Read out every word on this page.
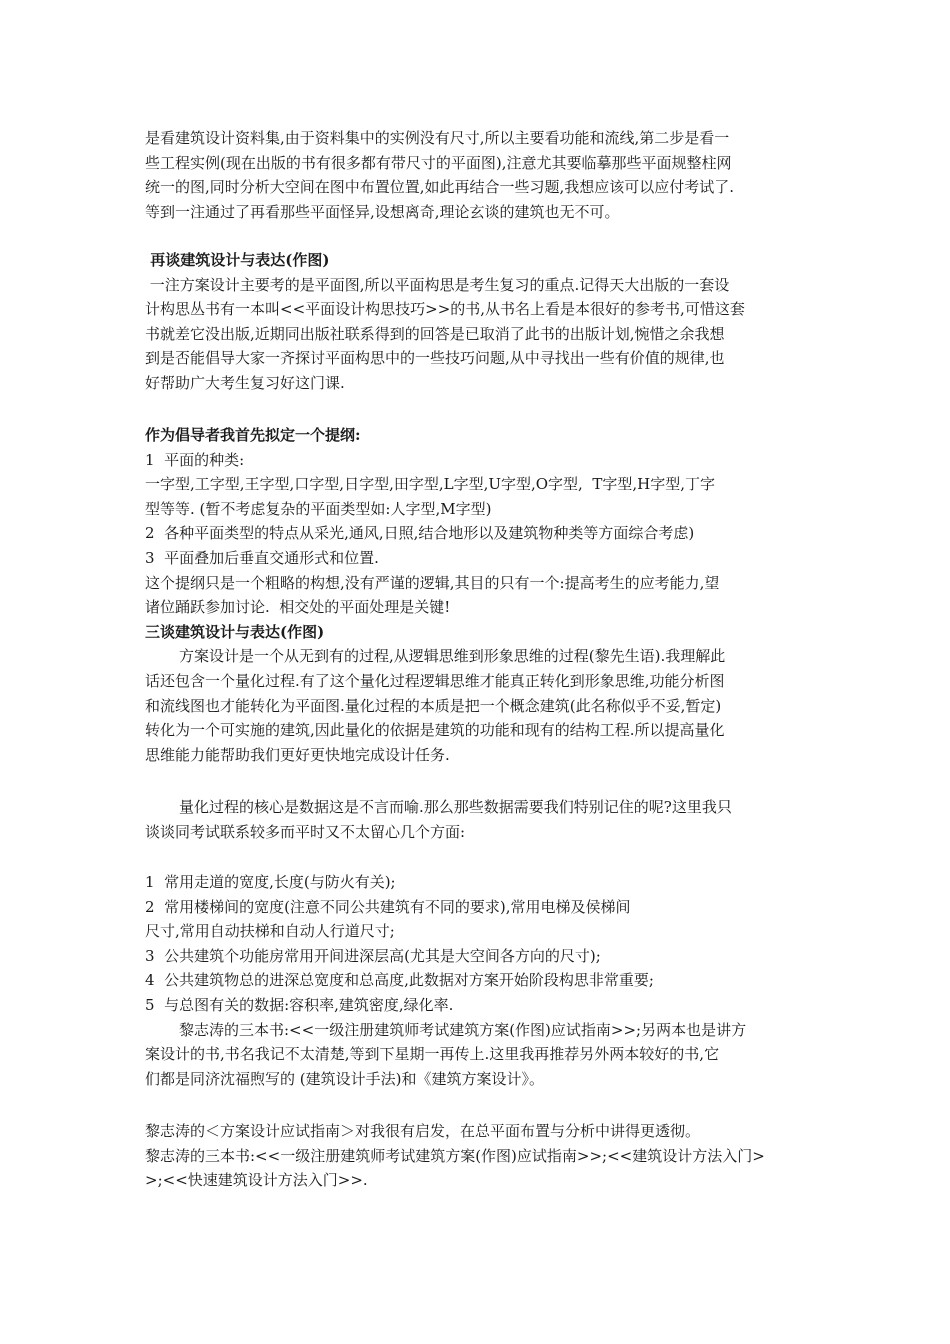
是看建筑设计资料集,由于资料集中的实例没有尺寸,所以主要看功能和流线,第二步是看一
些工程实例(现在出版的书有很多都有带尺寸的平面图),注意尤其要临摹那些平面规整柱网
统一的图,同时分析大空间在图中布置位置,如此再结合一些习题,我想应该可以应付考试了.
等到一注通过了再看那些平面怪异,设想离奇,理论玄谈的建筑也无不可。
再谈建筑设计与表达(作图)
一注方案设计主要考的是平面图,所以平面构思是考生复习的重点.记得天大出版的一套设
计构思丛书有一本叫<<平面设计构思技巧>>的书,从书名上看是本很好的参考书,可惜这套
书就差它没出版,近期同出版社联系得到的回答是已取消了此书的出版计划,惋惜之余我想
到是否能倡导大家一齐探讨平面构思中的一些技巧问题,从中寻找出一些有价值的规律,也
好帮助广大考生复习好这门课.
作为倡导者我首先拟定一个提纲:
1  平面的种类:
一字型,工字型,王字型,口字型,日字型,田字型,L字型,U字型,O字型,  T字型,H字型,丁字
型等等. (暂不考虑复杂的平面类型如:人字型,M字型)
2  各种平面类型的特点从采光,通风,日照,结合地形以及建筑物种类等方面综合考虑)
3  平面叠加后垂直交通形式和位置.
这个提纲只是一个粗略的构想,没有严谨的逻辑,其目的只有一个:提高考生的应考能力,望
诸位踊跃参加讨论.  相交处的平面处理是关键!
三谈建筑设计与表达(作图)
方案设计是一个从无到有的过程,从逻辑思维到形象思维的过程(黎先生语).我理解此
话还包含一个量化过程.有了这个量化过程逻辑思维才能真正转化到形象思维,功能分析图
和流线图也才能转化为平面图.量化过程的本质是把一个概念建筑(此名称似乎不妥,暂定)
转化为一个可实施的建筑,因此量化的依据是建筑的功能和现有的结构工程.所以提高量化
思维能力能帮助我们更好更快地完成设计任务.
量化过程的核心是数据这是不言而喻.那么那些数据需要我们特别记住的呢?这里我只
谈谈同考试联系较多而平时又不太留心几个方面:
1  常用走道的宽度,长度(与防火有关);
2  常用楼梯间的宽度(注意不同公共建筑有不同的要求),常用电梯及侯梯间
尺寸,常用自动扶梯和自动人行道尺寸;
3  公共建筑个功能房常用开间进深层高(尤其是大空间各方向的尺寸);
4  公共建筑物总的进深总宽度和总高度,此数据对方案开始阶段构思非常重要;
5  与总图有关的数据:容积率,建筑密度,绿化率.
黎志涛的三本书:<<一级注册建筑师考试建筑方案(作图)应试指南>>;另两本也是讲方
案设计的书,书名我记不太清楚,等到下星期一再传上.这里我再推荐另外两本较好的书,它
们都是同济沈福煦写的 (建筑设计手法)和《建筑方案设计》。
黎志涛的＜方案设计应试指南＞对我很有启发，在总平面布置与分析中讲得更透彻。
黎志涛的三本书:<<一级注册建筑师考试建筑方案(作图)应试指南>>;<<建筑设计方法入门>
>;<<快速建筑设计方法入门>>.
